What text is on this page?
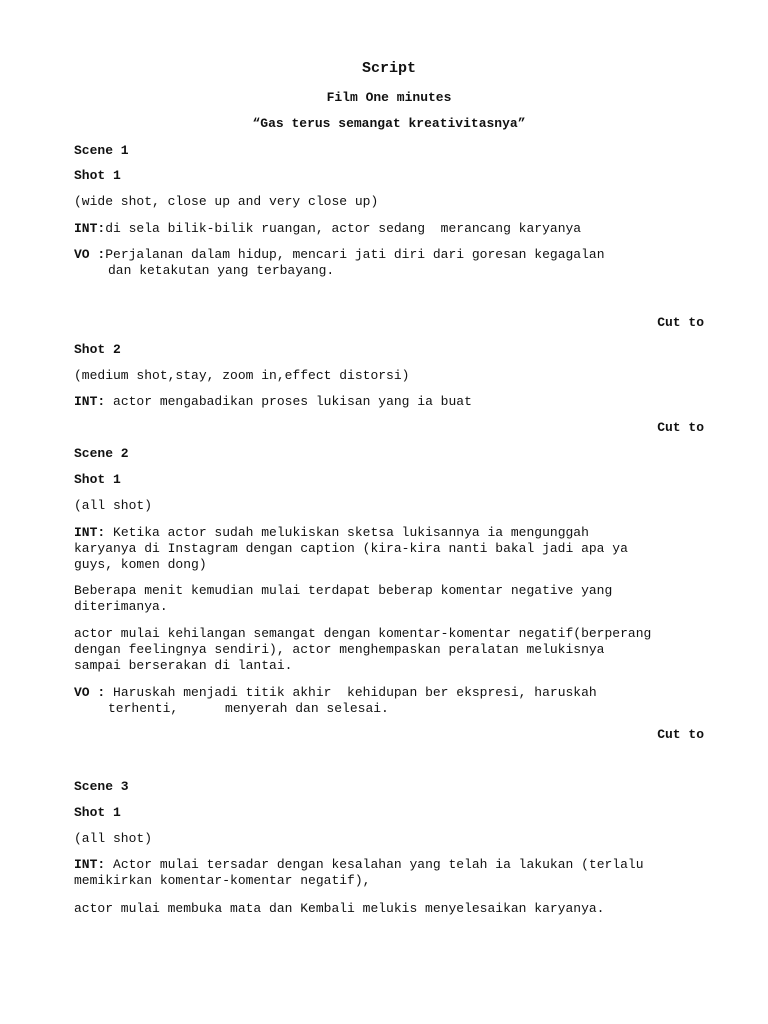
Script
Film One minutes
“Gas terus semangat kreativitasnya”
Scene 1
Shot 1
(wide shot, close up and very close up)
INT:di sela bilik-bilik ruangan, actor sedang  merancang karyanya
VO :Perjalanan dalam hidup, mencari jati diri dari goresan kegagalan
dan ketakutan yang terbayang.
Cut to
Shot 2
(medium shot,stay, zoom in,effect distorsi)
INT: actor mengabadikan proses lukisan yang ia buat
Cut to
Scene 2
Shot 1
(all shot)
INT: Ketika actor sudah melukiskan sketsa lukisannya ia mengunggah
karyanya di Instagram dengan caption (kira-kira nanti bakal jadi apa ya
guys, komen dong)
Beberapa menit kemudian mulai terdapat beberap komentar negative yang
diterimanya.
actor mulai kehilangan semangat dengan komentar-komentar negatif(berperang
dengan feelingnya sendiri), actor menghempaskan peralatan melukisnya
sampai berserakan di lantai.
VO : Haruskah menjadi titik akhir  kehidupan ber ekspresi, haruskah
terhenti,      menyerah dan selesai.
Cut to
Scene 3
Shot 1
(all shot)
INT: Actor mulai tersadar dengan kesalahan yang telah ia lakukan (terlalu
memikirkan komentar-komentar negatif),
actor mulai membuka mata dan Kembali melukis menyelesaikan karyanya.
